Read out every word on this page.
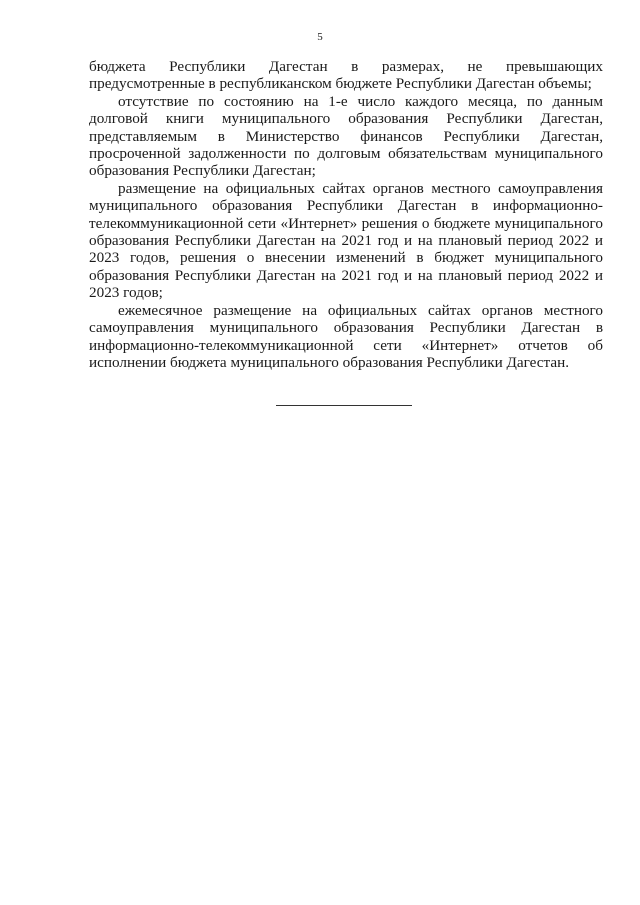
5

бюджета Республики Дагестан в размерах, не превышающих предусмотренные в республиканском бюджете Республики Дагестан объемы;

отсутствие по состоянию на 1-е число каждого месяца, по данным долговой книги муниципального образования Республики Дагестан, представляемым в Министерство финансов Республики Дагестан, просроченной задолженности по долговым обязательствам муниципального образования Республики Дагестан;

размещение на официальных сайтах органов местного самоуправления муниципального образования Республики Дагестан в информационно-телекоммуникационной сети «Интернет» решения о бюджете муниципального образования Республики Дагестан на 2021 год и на плановый период 2022 и 2023 годов, решения о внесении изменений в бюджет муниципального образования Республики Дагестан на 2021 год и на плановый период 2022 и 2023 годов;

ежемесячное размещение на официальных сайтах органов местного самоуправления муниципального образования Республики Дагестан в информационно-телекоммуникационной сети «Интернет» отчетов об исполнении бюджета муниципального образования Республики Дагестан.
